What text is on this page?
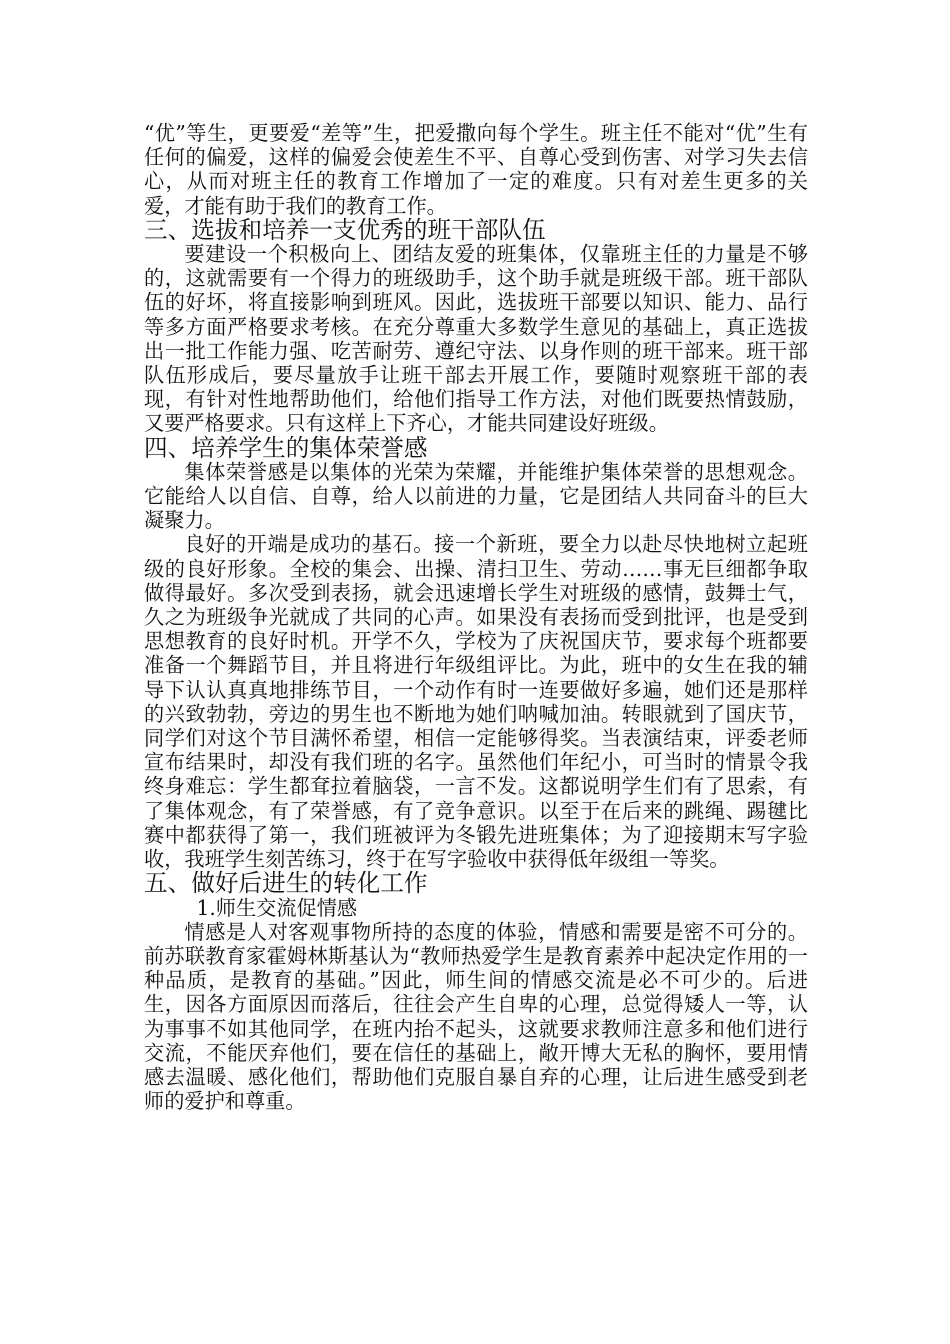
“优”等生，更要爱“差等”生，把爱撒向每个学生。班主任不能对“优”生有任何的偏爱，这样的偏爱会使差生不平、自尊心受到伤害、对学习失去信心，从而对班主任的教育工作增加了一定的难度。只有对差生更多的关爱，才能有助于我们的教育工作。

三、选拔和培养一支优秀的班干部队伍

要建设一个积极向上、团结友爱的班集体，仅靠班主任的力量是不够的，这就需要有一个得力的班级助手，这个助手就是班级干部。班干部队伍的好坏，将直接影响到班风。因此，选拔班干部要以知识、能力、品行等多方面严格要求考核。在充分尊重大多数学生意见的基础上，真正选拔出一批工作能力强、吃苦耐劳、遵纪守法、以身作则的班干部来。班干部队伍形成后，要尽量放手让班干部去开展工作，要随时观察班干部的表现，有针对性地帮助他们，给他们指导工作方法，对他们既要热情鼓励，又要严格要求。只有这样上下齐心，才能共同建设好班级。

四、培养学生的集体荣誉感

集体荣誉感是以集体的光荣为荣耀，并能维护集体荣誉的思想观念。它能给人以自信、自尊，给人以前进的力量，它是团结人共同奋斗的巨大凝聚力。

良好的开端是成功的基石。接一个新班，要全力以赴尽快地树立起班级的良好形象。全校的集会、出操、清扫卫生、劳动……事无巨细都争取做得最好。多次受到表扬，就会迅速增长学生对班级的感情，鼓舞士气，久之为班级争光就成了共同的心声。如果没有表扬而受到批评，也是受到思想教育的良好时机。开学不久，学校为了庆祝国庆节，要求每个班都要准备一个舞蹈节目，并且将进行年级组评比。为此，班中的女生在我的辅导下认认真真地排练节目，一个动作有时一连要做好多遍，她们还是那样的兴致勃勃，旁边的男生也不断地为她们呐喊加油。转眼就到了国庆节，同学们对这个节目满怀希望，相信一定能够得奖。当表演结束，评委老师宣布结果时，却没有我们班的名字。虽然他们年纪小，可当时的情景令我终身难忘：学生都耷拉着脑袋，一言不发。这都说明学生们有了思索，有了集体观念，有了荣誉感，有了竞争意识。以至于在后来的跳绳、踢毽比赛中都获得了第一，我们班被评为冬锻先进班集体；为了迎接期末写字验收，我班学生刻苦练习，终于在写字验收中获得低年级组一等奖。

五、做好后进生的转化工作
1.师生交流促情感

情感是人对客观事物所持的态度的体验，情感和需要是密不可分的。前苏联教育家霍姆林斯基认为“教师热爱学生是教育素养中起决定作用的一种品质，是教育的基础。”因此，师生间的情感交流是必不可少的。后进生，因各方面原因而落后，往往会产生自卑的心理，总觉得矮人一等，认为事事不如其他同学，在班内抬不起头，这就要求教师注意多和他们进行交流，不能厌弃他们，要在信任的基础上，敞开博大无私的胸怀，要用情感去温暖、感化他们，帮助他们克服自暴自弃的心理，让后进生感受到老师的爱护和尊重。
